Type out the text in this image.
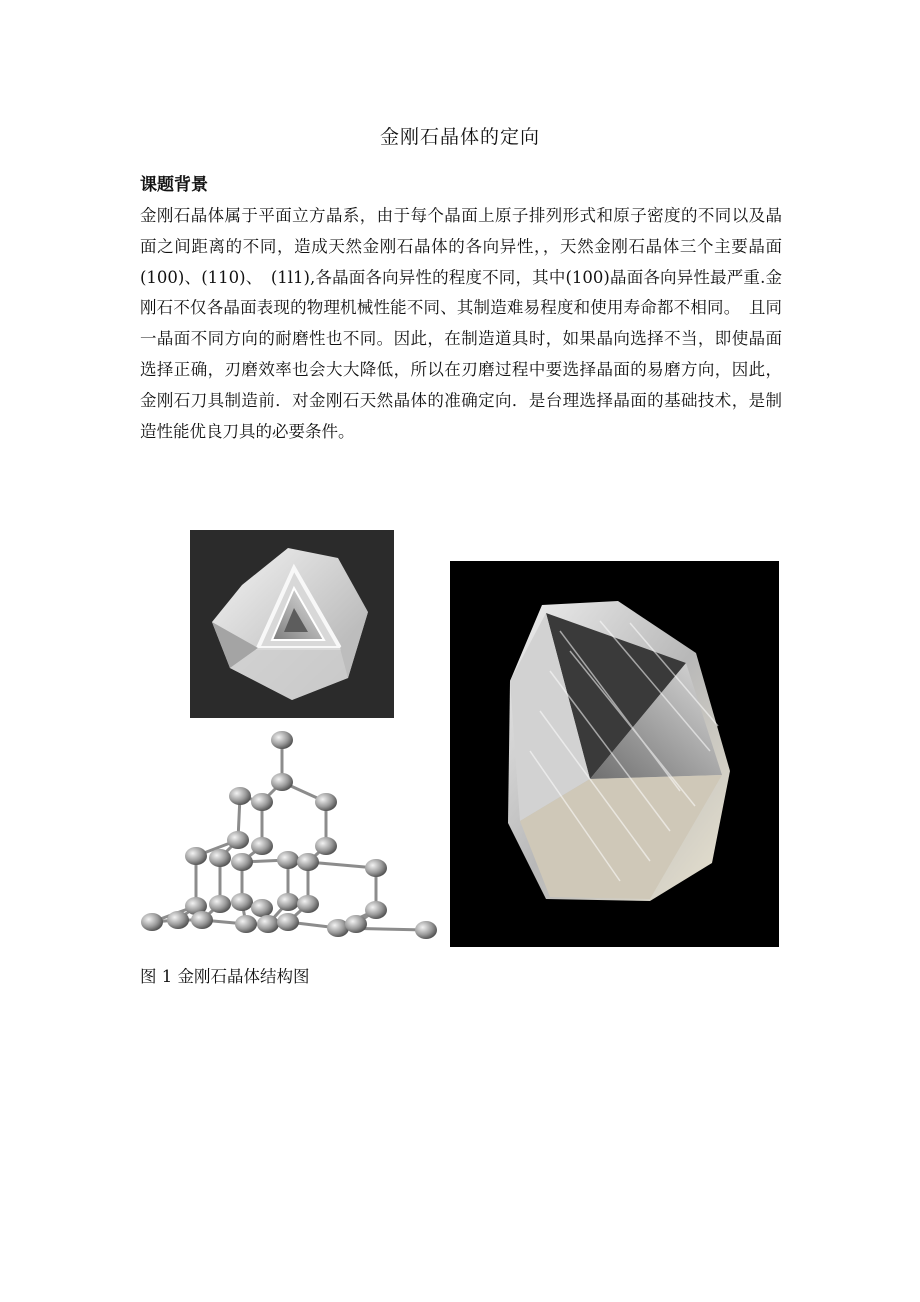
金刚石晶体的定向
课题背景

金刚石晶体属于平面立方晶系，由于每个晶面上原子排列形式和原子密度的不同以及晶面之间距离的不同，造成天然金刚石晶体的各向异性，，天然金刚石晶体三个主要晶面(100)、(110)、　(1l1),各晶面各向异性的程度不同，其中(100)晶面各向异性最严重.金刚石不仅各晶面表现的物理机械性能不同、其制造难易程度和使用寿命都不相同。　且同一晶面不同方向的耐磨性也不同。因此，在制造道具时，如果晶向选择不当，即使晶面选择正确，刃磨效率也会大大降低，所以在刃磨过程中要选择晶面的易磨方向，因此，金刚石刀具制造前．对金刚石天然晶体的准确定向．是台理选择晶面的基础技术，是制造性能优良刀具的必要条件。

图 1 金刚石晶体结构图
